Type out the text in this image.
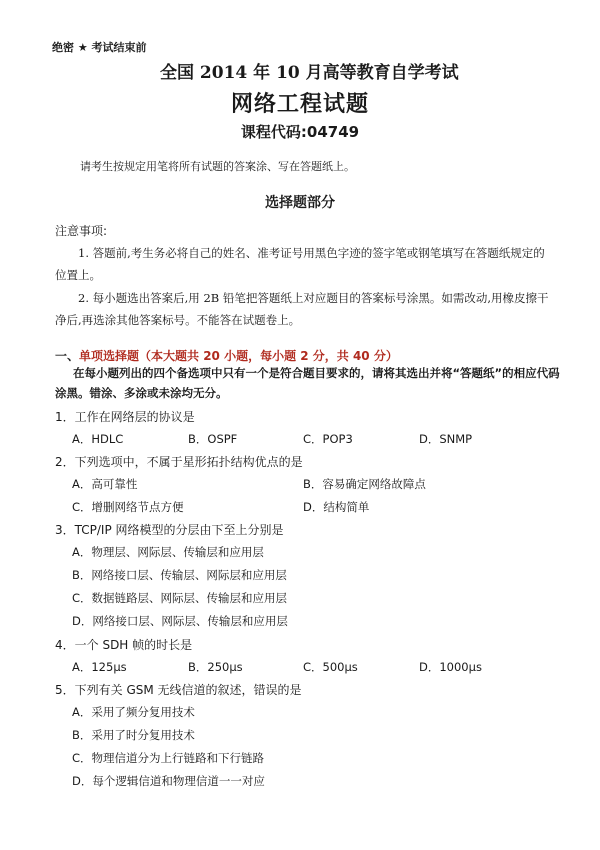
绝密 ★ 考试结束前
全国 2014 年 10 月高等教育自学考试
网络工程试题
课程代码:04749
请考生按规定用笔将所有试题的答案涂、写在答题纸上。
选择题部分
注意事项:
1. 答题前,考生务必将自己的姓名、准考证号用黑色字迹的签字笔或钢笔填写在答题纸规定的位置上。
2. 每小题选出答案后,用 2B 铅笔把答题纸上对应题目的答案标号涂黑。如需改动,用橡皮擦干净后,再选涂其他答案标号。不能答在试题卷上。
一、单项选择题（本大题共 20 小题，每小题 2 分，共 40 分）
在每小题列出的四个备选项中只有一个是符合题目要求的，请将其选出并将“答题纸”的相应代码涂黑。错涂、多涂或未涂均无分。
1．工作在网络层的协议是
A．HDLC	B．OSPF	C．POP3	D．SNMP
2．下列选项中，不属于星形拓扑结构优点的是
A．高可靠性	B．容易确定网络故障点
C．增删网络节点方便	D．结构简单
3．TCP/IP 网络模型的分层由下至上分别是
A．物理层、网际层、传输层和应用层
B．网络接口层、传输层、网际层和应用层
C．数据链路层、网际层、传输层和应用层
D．网络接口层、网际层、传输层和应用层
4．一个 SDH 帧的时长是
A．125μs	B．250μs	C．500μs	D．1000μs
5．下列有关 GSM 无线信道的叙述，错误的是
A．采用了频分复用技术
B．采用了时分复用技术
C．物理信道分为上行链路和下行链路
D．每个逻辑信道和物理信道一一对应
